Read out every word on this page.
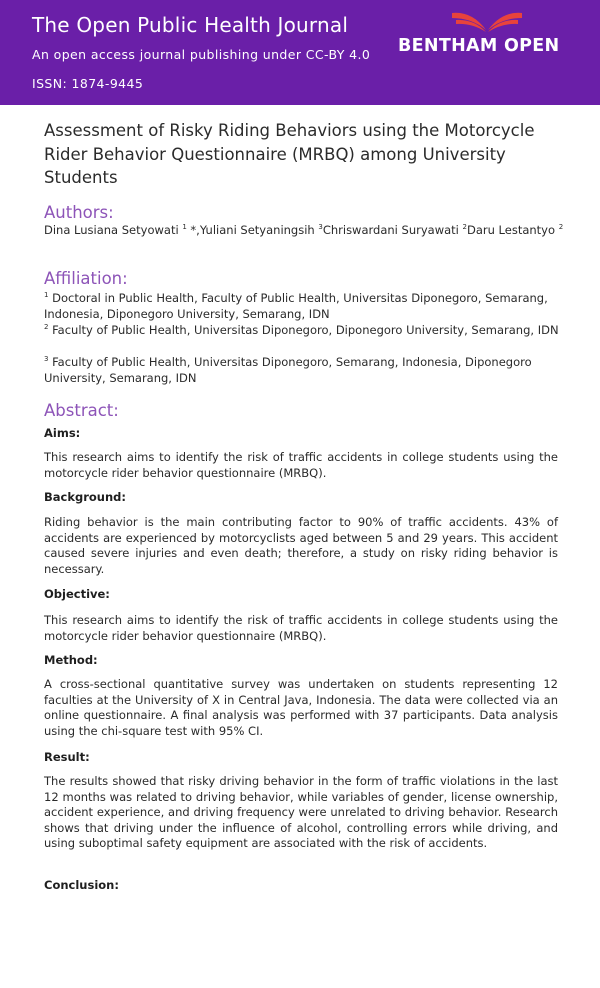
The Open Public Health Journal
An open access journal publishing under CC-BY 4.0
ISSN: 1874-9445
BENTHAM OPEN
Assessment of Risky Riding Behaviors using the Motorcycle Rider Behavior Questionnaire (MRBQ) among University Students
Authors:
Dina Lusiana Setyowati $^1$ *,Yuliani Setyaningsih $^3$Chriswardani Suryawati $^2$Daru Lestantyo $^2$
Affiliation:
$^1$ Doctoral in Public Health, Faculty of Public Health, Universitas Diponegoro, Semarang, Indonesia, Diponegoro University, Semarang, IDN
$^2$ Faculty of Public Health, Universitas Diponegoro, Diponegoro University, Semarang, IDN
$^3$ Faculty of Public Health, Universitas Diponegoro, Semarang, Indonesia, Diponegoro University, Semarang, IDN
Abstract:
Aims:
This research aims to identify the risk of traffic accidents in college students using the motorcycle rider behavior questionnaire (MRBQ).
Background:
Riding behavior is the main contributing factor to 90% of traffic accidents. 43% of accidents are experienced by motorcyclists aged between 5 and 29 years. This accident caused severe injuries and even death; therefore, a study on risky riding behavior is necessary.
Objective:
This research aims to identify the risk of traffic accidents in college students using the motorcycle rider behavior questionnaire (MRBQ).
Method:
A cross-sectional quantitative survey was undertaken on students representing 12 faculties at the University of X in Central Java, Indonesia. The data were collected via an online questionnaire. A final analysis was performed with 37 participants. Data analysis using the chi-square test with 95% CI.
Result:
The results showed that risky driving behavior in the form of traffic violations in the last 12 months was related to driving behavior, while variables of gender, license ownership, accident experience, and driving frequency were unrelated to driving behavior. Research shows that driving under the influence of alcohol, controlling errors while driving, and using suboptimal safety equipment are associated with the risk of accidents.
Conclusion:
